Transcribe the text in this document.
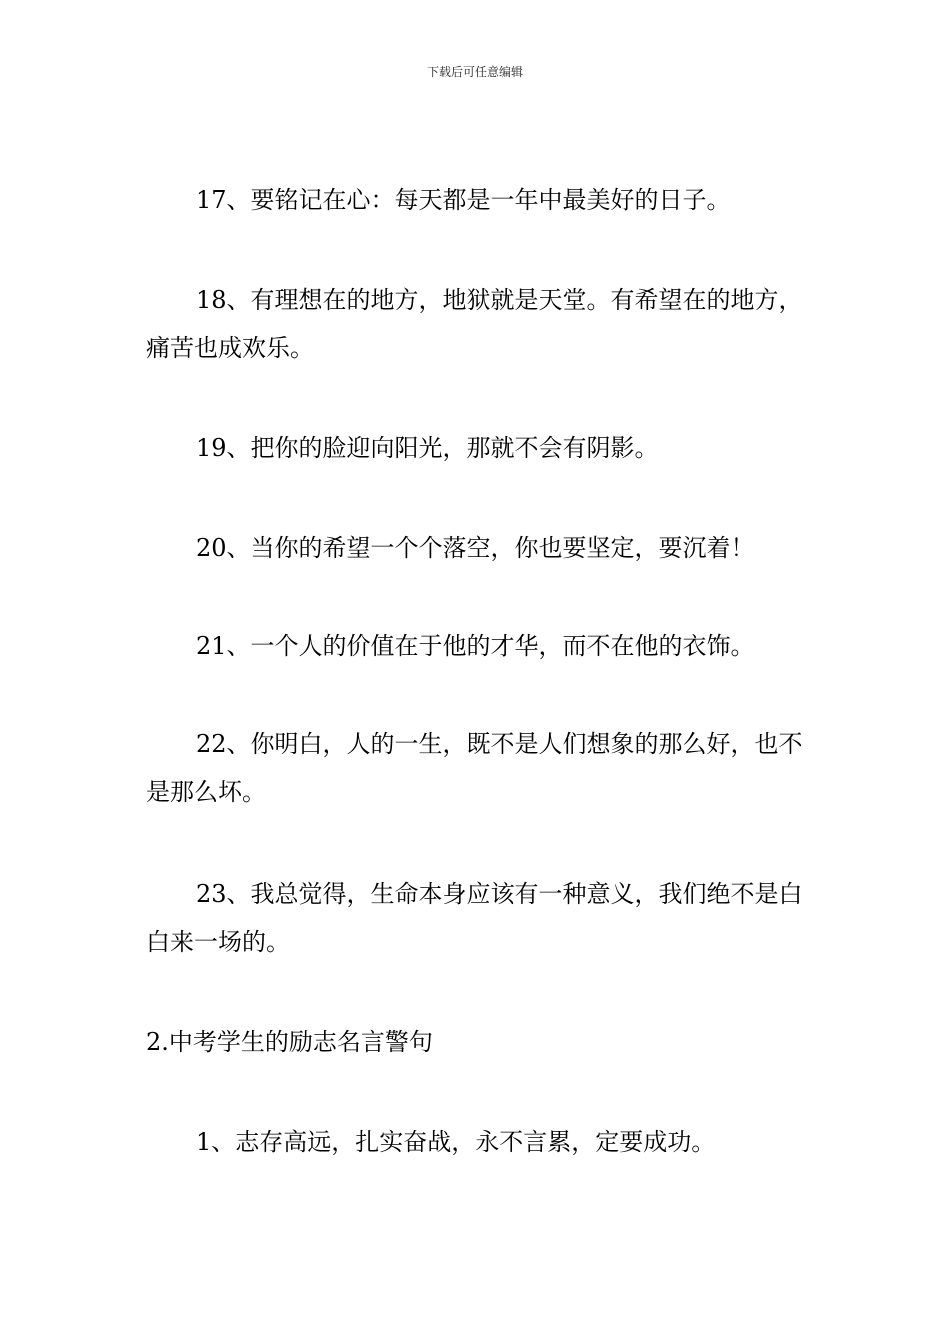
下载后可任意编辑

17、要铭记在心：每天都是一年中最美好的日子。

18、有理想在的地方，地狱就是天堂。有希望在的地方，痛苦也成欢乐。

19、把你的脸迎向阳光，那就不会有阴影。

20、当你的希望一个个落空，你也要坚定，要沉着！

21、一个人的价值在于他的才华，而不在他的衣饰。

22、你明白，人的一生，既不是人们想象的那么好，也不是那么坏。

23、我总觉得，生命本身应该有一种意义，我们绝不是白白来一场的。

2.中考学生的励志名言警句

1、志存高远，扎实奋战，永不言累，定要成功。
